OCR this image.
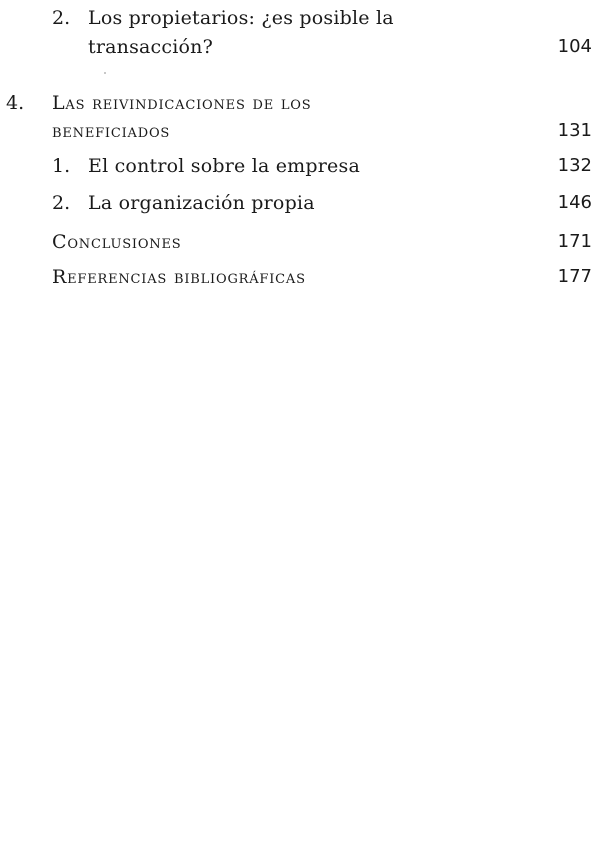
2. Los propietarios: ¿es posible la
transacción?	104
4. Las reivindicaciones de los
beneficiados	131
1. El control sobre la empresa	132
2. La organización propia	146
Conclusiones	171
Referencias bibliográficas	177
